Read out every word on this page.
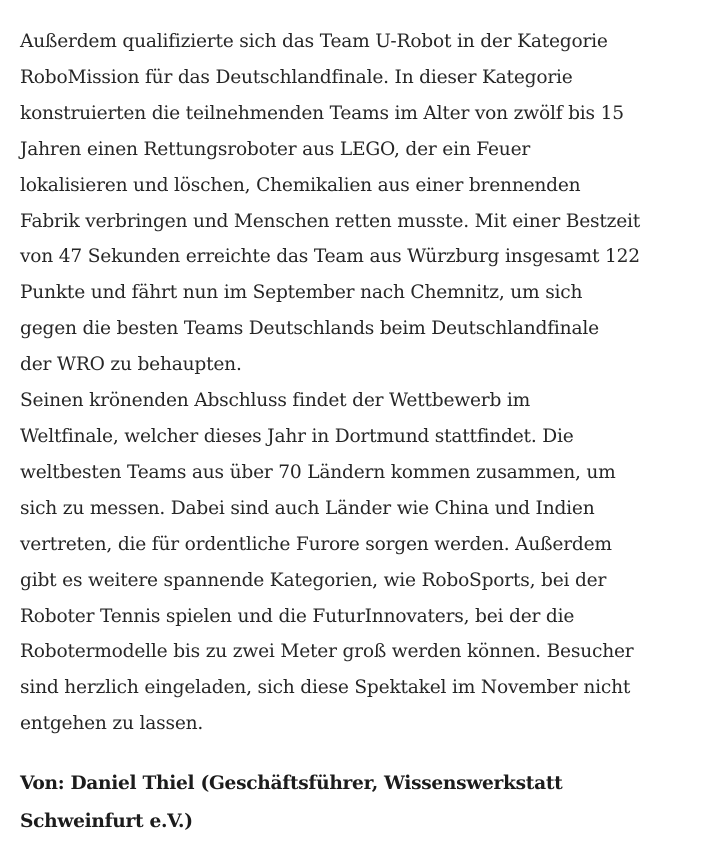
Außerdem qualifizierte sich das Team U-Robot in der Kategorie
RoboMission für das Deutschlandfinale. In dieser Kategorie
konstruierten die teilnehmenden Teams im Alter von zwölf bis 15
Jahren einen Rettungsroboter aus LEGO, der ein Feuer
lokalisieren und löschen, Chemikalien aus einer brennenden
Fabrik verbringen und Menschen retten musste. Mit einer Bestzeit
von 47 Sekunden erreichte das Team aus Würzburg insgesamt 122
Punkte und fährt nun im September nach Chemnitz, um sich
gegen die besten Teams Deutschlands beim Deutschlandfinale
der WRO zu behaupten.

Seinen krönenden Abschluss findet der Wettbewerb im
Weltfinale, welcher dieses Jahr in Dortmund stattfindet. Die
weltbesten Teams aus über 70 Ländern kommen zusammen, um
sich zu messen. Dabei sind auch Länder wie China und Indien
vertreten, die für ordentliche Furore sorgen werden. Außerdem
gibt es weitere spannende Kategorien, wie RoboSports, bei der
Roboter Tennis spielen und die FuturInnovaters, bei der die
Robotermodelle bis zu zwei Meter groß werden können. Besucher
sind herzlich eingeladen, sich diese Spektakel im November nicht
entgehen zu lassen.

Von: Daniel Thiel (Geschäftsführer, Wissenswerkstatt
Schweinfurt e.V.)
